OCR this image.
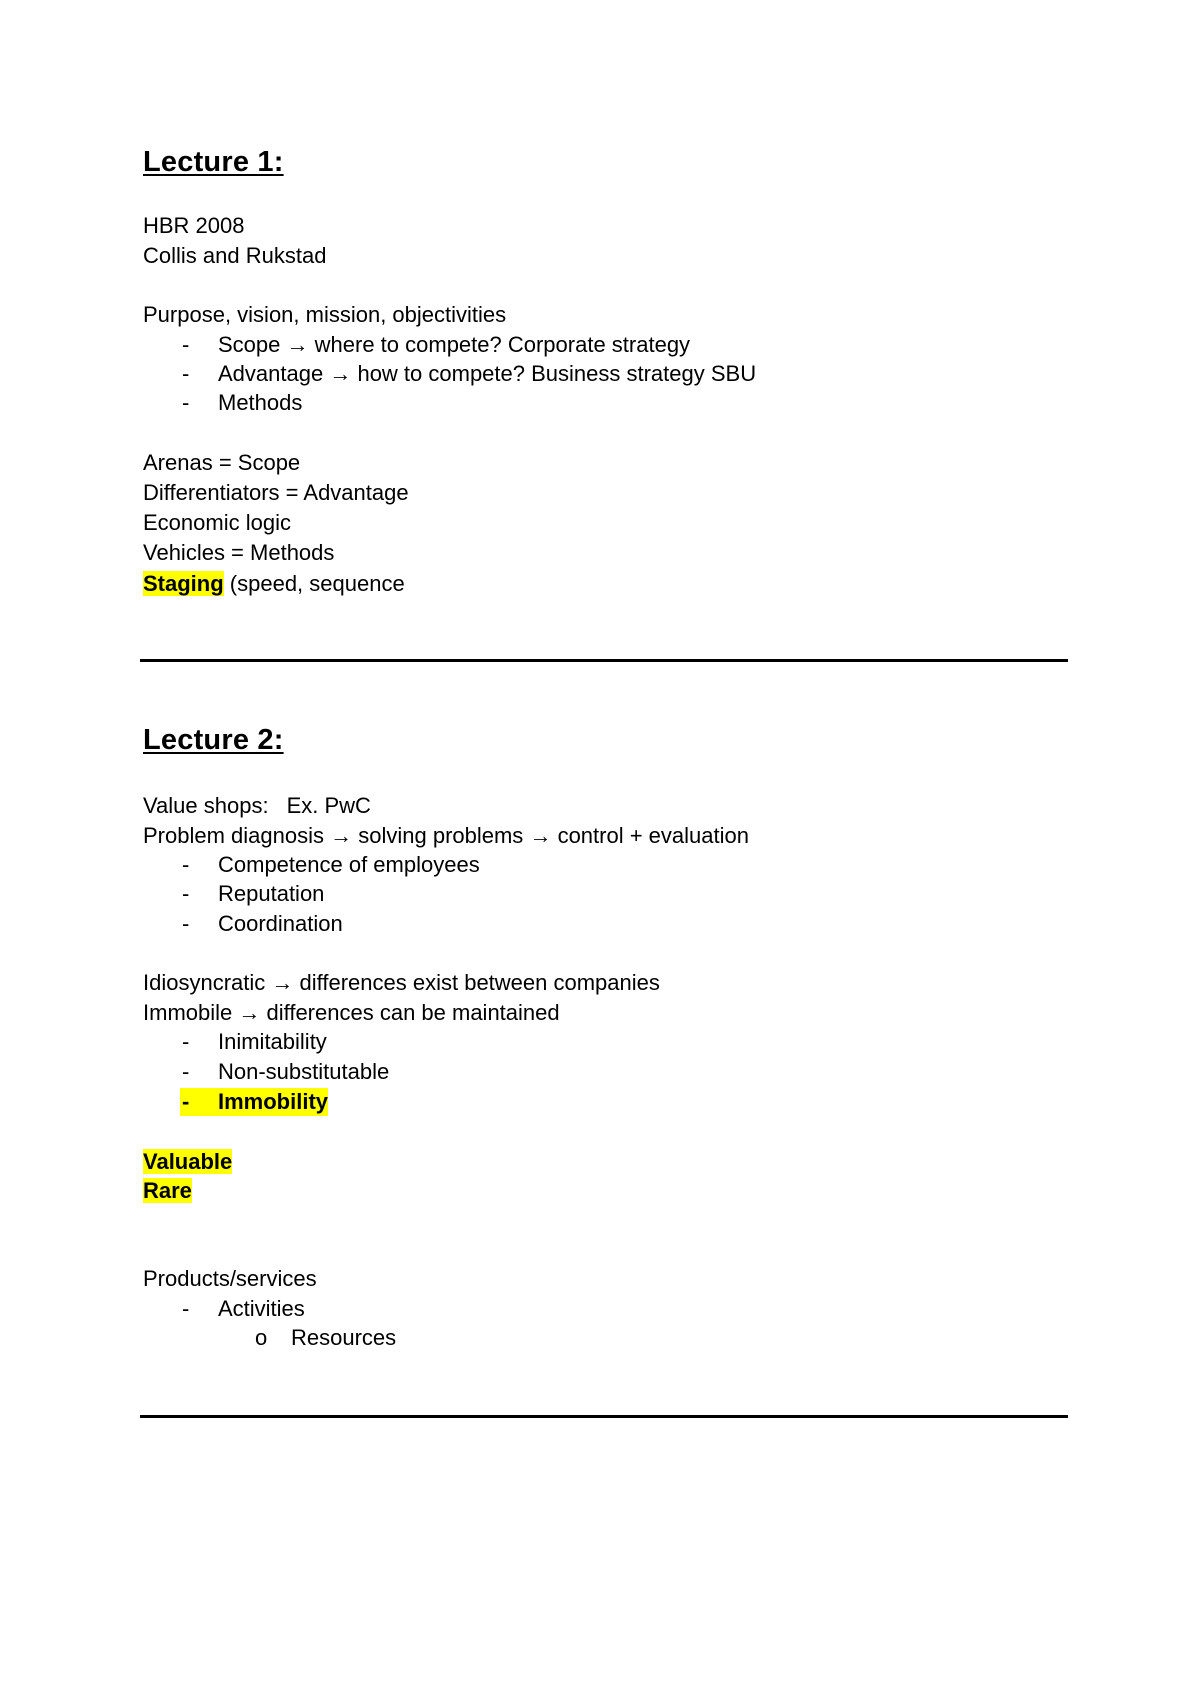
Lecture 1:
HBR 2008
Collis and Rukstad
Purpose, vision, mission, objectivities
- Scope → where to compete? Corporate strategy
- Advantage → how to compete? Business strategy SBU
- Methods
Arenas = Scope
Differentiators = Advantage
Economic logic
Vehicles = Methods
Staging (speed, sequence
Lecture 2:
Value shops: Ex. PwC
Problem diagnosis → solving problems → control + evaluation
- Competence of employees
- Reputation
- Coordination
Idiosyncratic → differences exist between companies
Immobile → differences can be maintained
- Inimitability
- Non-substitutable
- Immobility
Valuable
Rare
Products/services
- Activities
o Resources
